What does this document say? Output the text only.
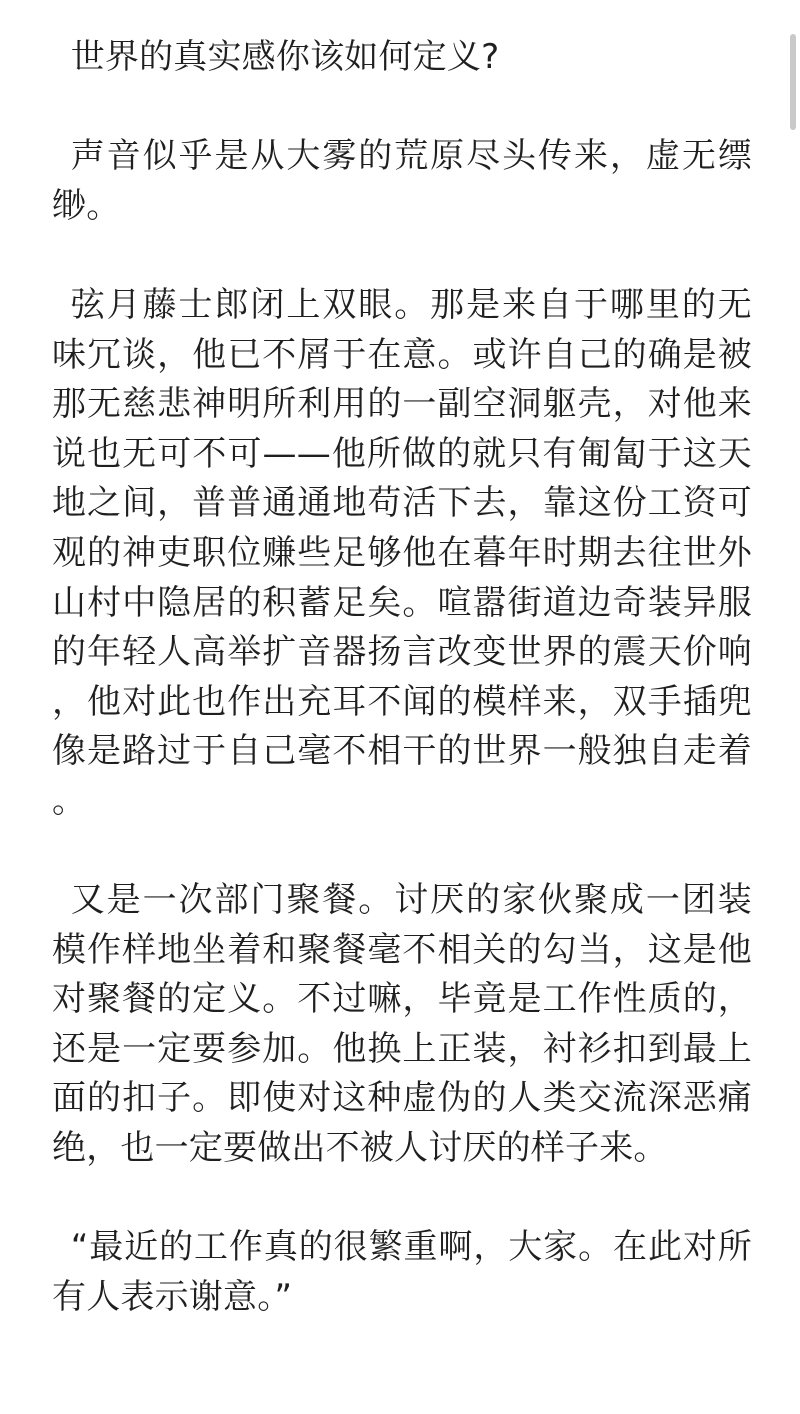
世界的真实感你该如何定义?

声音似乎是从大雾的荒原尽头传来，虚无缥缈。

弦月藤士郎闭上双眼。那是来自于哪里的无味冗谈，他已不屑于在意。或许自己的确是被那无慈悲神明所利用的一副空洞躯壳，对他来说也无可不可——他所做的就只有匍匐于这天地之间，普普通通地苟活下去，靠这份工资可观的神吏职位赚些足够他在暮年时期去往世外山村中隐居的积蓄足矣。喧嚣街道边奇装异服的年轻人高举扩音器扬言改变世界的震天价响，他对此也作出充耳不闻的模样来，双手插兜像是路过于自己毫不相干的世界一般独自走着。

又是一次部门聚餐。讨厌的家伙聚成一团装模作样地坐着和聚餐毫不相关的勾当，这是他对聚餐的定义。不过嘛，毕竟是工作性质的，还是一定要参加。他换上正装，衬衫扣到最上面的扣子。即使对这种虚伪的人类交流深恶痛绝，也一定要做出不被人讨厌的样子来。

“最近的工作真的很繁重啊，大家。在此对所有人表示谢意。”
